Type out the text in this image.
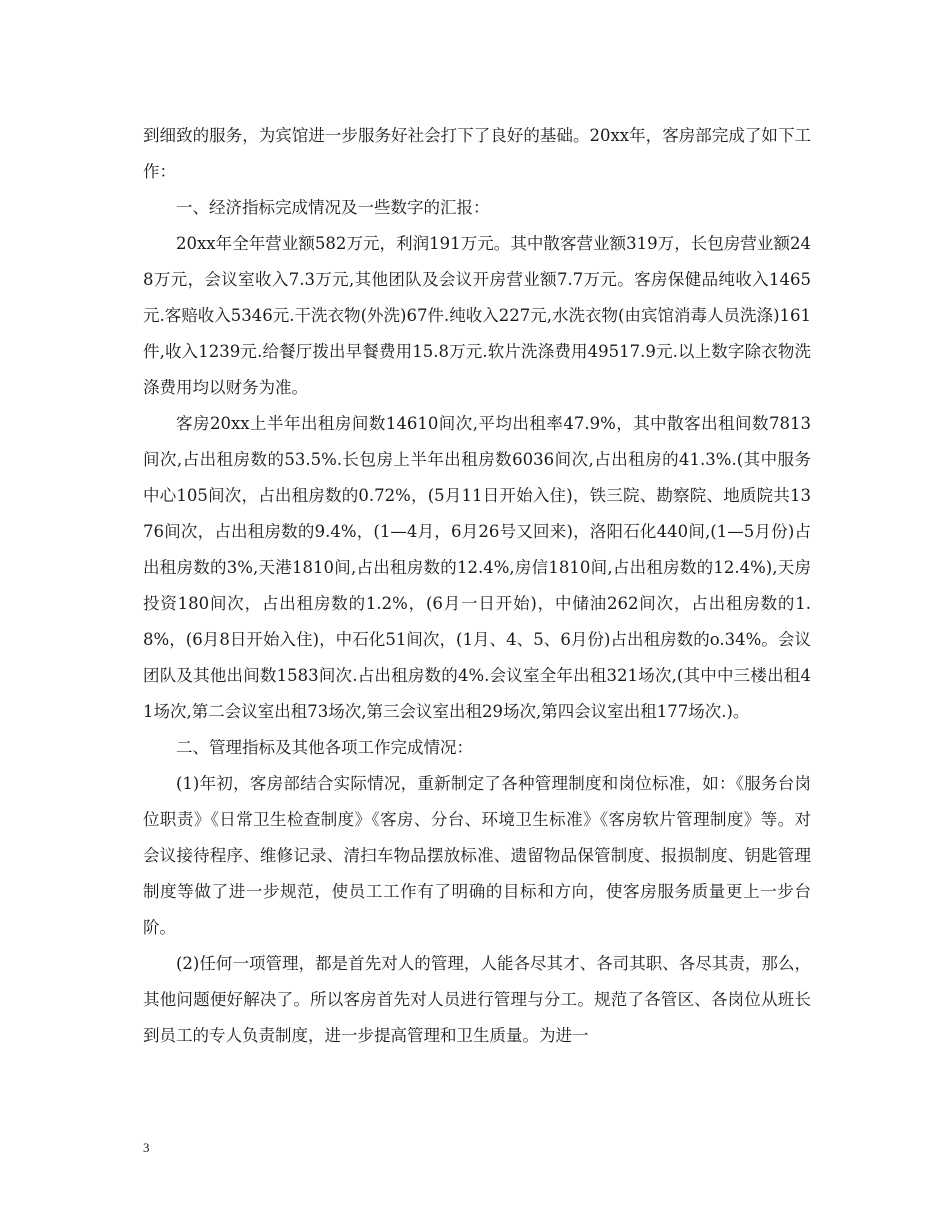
到细致的服务，为宾馆进一步服务好社会打下了良好的基础。20xx年，客房部完成了如下工作：

一、经济指标完成情况及一些数字的汇报：

20xx年全年营业额582万元，利润191万元。其中散客营业额319万，长包房营业额248万元，会议室收入7.3万元,其他团队及会议开房营业额7.7万元。客房保健品纯收入1465元.客赔收入5346元.干洗衣物(外洗)67件.纯收入227元,水洗衣物(由宾馆消毒人员洗涤)161件,收入1239元.给餐厅拨出早餐费用15.8万元.软片洗涤费用49517.9元.以上数字除衣物洗涤费用均以财务为准。

客房20xx上半年出租房间数14610间次,平均出租率47.9%，其中散客出租间数7813间次,占出租房数的53.5%.长包房上半年出租房数6036间次,占出租房的41.3%.(其中服务中心105间次，占出租房数的0.72%，(5月11日开始入住)，铁三院、勘察院、地质院共1376间次，占出租房数的9.4%，(1—4月，6月26号又回来)，洛阳石化440间,(1—5月份)占出租房数的3%,天港1810间,占出租房数的12.4%,房信1810间,占出租房数的12.4%),天房投资180间次，占出租房数的1.2%，(6月一日开始)，中储油262间次，占出租房数的1.8%，(6月8日开始入住)，中石化51间次，(1月、4、5、6月份)占出租房数的o.34%。会议团队及其他出间数1583间次.占出租房数的4%.会议室全年出租321场次,(其中中三楼出租41场次,第二会议室出租73场次,第三会议室出租29场次,第四会议室出租177场次.)。

二、管理指标及其他各项工作完成情况：

(1)年初，客房部结合实际情况，重新制定了各种管理制度和岗位标准，如：《服务台岗位职责》《日常卫生检查制度》《客房、分台、环境卫生标准》《客房软片管理制度》等。对会议接待程序、维修记录、清扫车物品摆放标准、遗留物品保管制度、报损制度、钥匙管理制度等做了进一步规范，使员工工作有了明确的目标和方向，使客房服务质量更上一步台阶。

(2)任何一项管理，都是首先对人的管理，人能各尽其才、各司其职、各尽其责，那么，其他问题便好解决了。所以客房首先对人员进行管理与分工。规范了各管区、各岗位从班长到员工的专人负责制度，进一步提高管理和卫生质量。为进一

3
